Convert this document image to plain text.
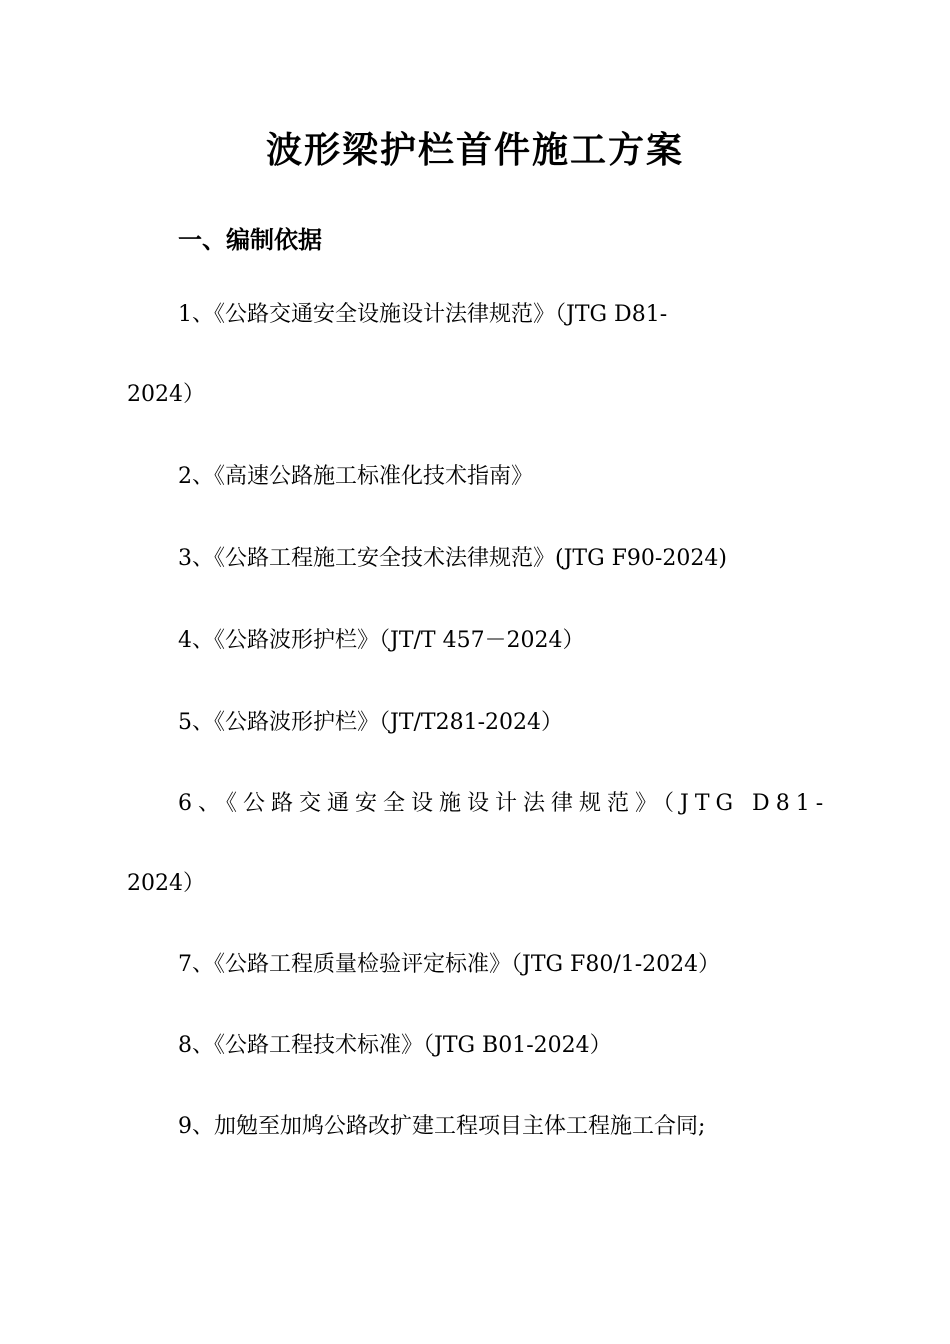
波形梁护栏首件施工方案
一、编制依据
1、《公路交通安全设施设计法律规范》（JTG D81-
2024）
2、《高速公路施工标准化技术指南》
3、《公路工程施工安全技术法律规范》(JTG F90-2024)
4、《公路波形护栏》（JT/T 457－2024）
5、《公路波形护栏》（JT/T281-2024）
6、《公路交通安全设施设计法律规范》（JTG D81-
2024）
7、《公路工程质量检验评定标准》（JTG F80/1-2024）
8、《公路工程技术标准》（JTG B01-2024）
9、加勉至加鸠公路改扩建工程项目主体工程施工合同;
